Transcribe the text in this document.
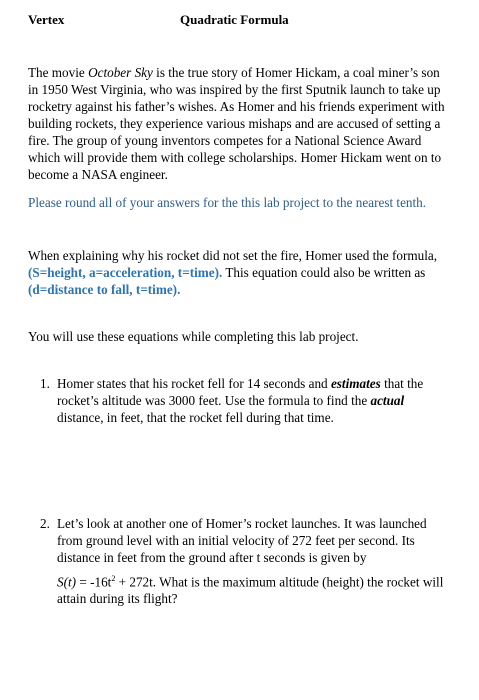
Vertex	Quadratic Formula
The movie October Sky is the true story of Homer Hickam, a coal miner’s son in 1950 West Virginia, who was inspired by the first Sputnik launch to take up rocketry against his father’s wishes. As Homer and his friends experiment with building rockets, they experience various mishaps and are accused of setting a fire. The group of young inventors competes for a National Science Award which will provide them with college scholarships. Homer Hickam went on to become a NASA engineer.
Please round all of your answers for the this lab project to the nearest tenth.
When explaining why his rocket did not set the fire, Homer used the formula, (S=height, a=acceleration, t=time). This equation could also be written as (d=distance to fall, t=time).
You will use these equations while completing this lab project.
1. Homer states that his rocket fell for 14 seconds and estimates that the rocket’s altitude was 3000 feet. Use the formula to find the actual distance, in feet, that the rocket fell during that time.
2. Let’s look at another one of Homer’s rocket launches. It was launched from ground level with an initial velocity of 272 feet per second. Its distance in feet from the ground after t seconds is given by
$S(t) = -16t^2 + 272t$. What is the maximum altitude (height) the rocket will attain during its flight?
